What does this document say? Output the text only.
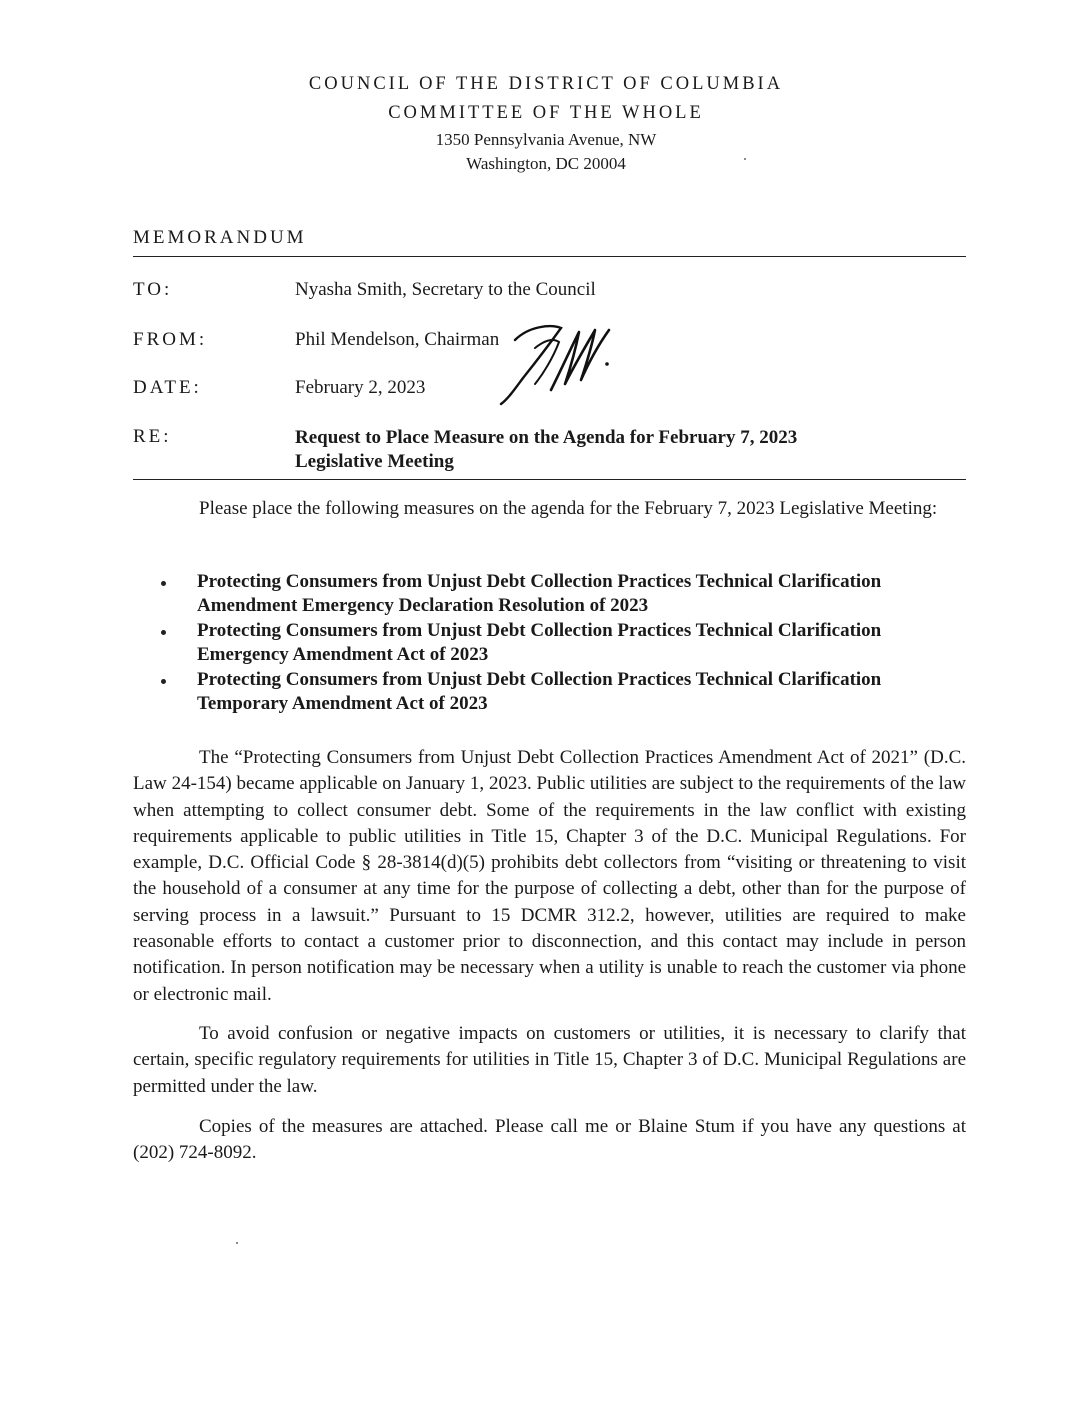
COUNCIL OF THE DISTRICT OF COLUMBIA
COMMITTEE OF THE WHOLE
1350 Pennsylvania Avenue, NW
Washington, DC 20004
MEMORANDUM
TO:	Nyasha Smith, Secretary to the Council
FROM:	Phil Mendelson, Chairman
DATE:	February 2, 2023
RE:	Request to Place Measure on the Agenda for February 7, 2023
Legislative Meeting
Please place the following measures on the agenda for the February 7, 2023 Legislative Meeting:
Protecting Consumers from Unjust Debt Collection Practices Technical Clarification Amendment Emergency Declaration Resolution of 2023
Protecting Consumers from Unjust Debt Collection Practices Technical Clarification Emergency Amendment Act of 2023
Protecting Consumers from Unjust Debt Collection Practices Technical Clarification Temporary Amendment Act of 2023
The “Protecting Consumers from Unjust Debt Collection Practices Amendment Act of 2021” (D.C. Law 24-154) became applicable on January 1, 2023. Public utilities are subject to the requirements of the law when attempting to collect consumer debt. Some of the requirements in the law conflict with existing requirements applicable to public utilities in Title 15, Chapter 3 of the D.C. Municipal Regulations. For example, D.C. Official Code § 28-3814(d)(5) prohibits debt collectors from “visiting or threatening to visit the household of a consumer at any time for the purpose of collecting a debt, other than for the purpose of serving process in a lawsuit.” Pursuant to 15 DCMR 312.2, however, utilities are required to make reasonable efforts to contact a customer prior to disconnection, and this contact may include in person notification. In person notification may be necessary when a utility is unable to reach the customer via phone or electronic mail.
To avoid confusion or negative impacts on customers or utilities, it is necessary to clarify that certain, specific regulatory requirements for utilities in Title 15, Chapter 3 of D.C. Municipal Regulations are permitted under the law.
Copies of the measures are attached. Please call me or Blaine Stum if you have any questions at (202) 724-8092.
